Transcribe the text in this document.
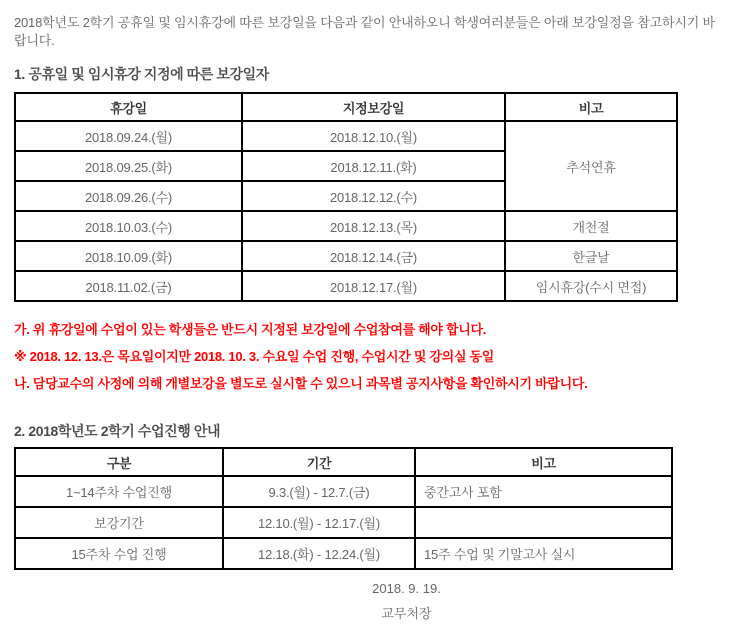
2018학년도 2학기 공휴일 및 임시휴강에 따른 보강일을 다음과 같이 안내하오니 학생여러분들은 아래 보강일정을 참고하시기 바랍니다.

1. 공휴일 및 임시휴강 지정에 따른 보강일자
휴강일	지정보강일	비고
2018.09.24.(월)	2018.12.10.(월)	추석연휴
2018.09.25.(화)	2018.12.11.(화)	
2018.09.26.(수)	2018.12.12.(수)	
2018.10.03.(수)	2018.12.13.(목)	개천절
2018.10.09.(화)	2018.12.14.(금)	한글날
2018.11.02.(금)	2018.12.17.(월)	임시휴강(수시 면접)

가. 위 휴강일에 수업이 있는 학생들은 반드시 지정된 보강일에 수업참여를 해야 합니다.

※ 2018. 12. 13.은 목요일이지만 2018. 10. 3. 수요일 수업 진행, 수업시간 및 강의실 동일

나. 담당교수의 사정에 의해 개별보강을 별도로 실시할 수 있으니 과목별 공지사항을 확인하시기 바랍니다.

2. 2018학년도 2학기 수업진행 안내
구분	기간	비고
1~14주차 수업진행	9.3.(월) - 12.7.(금)	중간고사 포함
보강기간	12.10.(월) - 12.17.(월)	
15주차 수업 진행	12.18.(화) - 12.24.(월)	15주 수업 및 기말고사 실시

2018. 9. 19.

교무처장
